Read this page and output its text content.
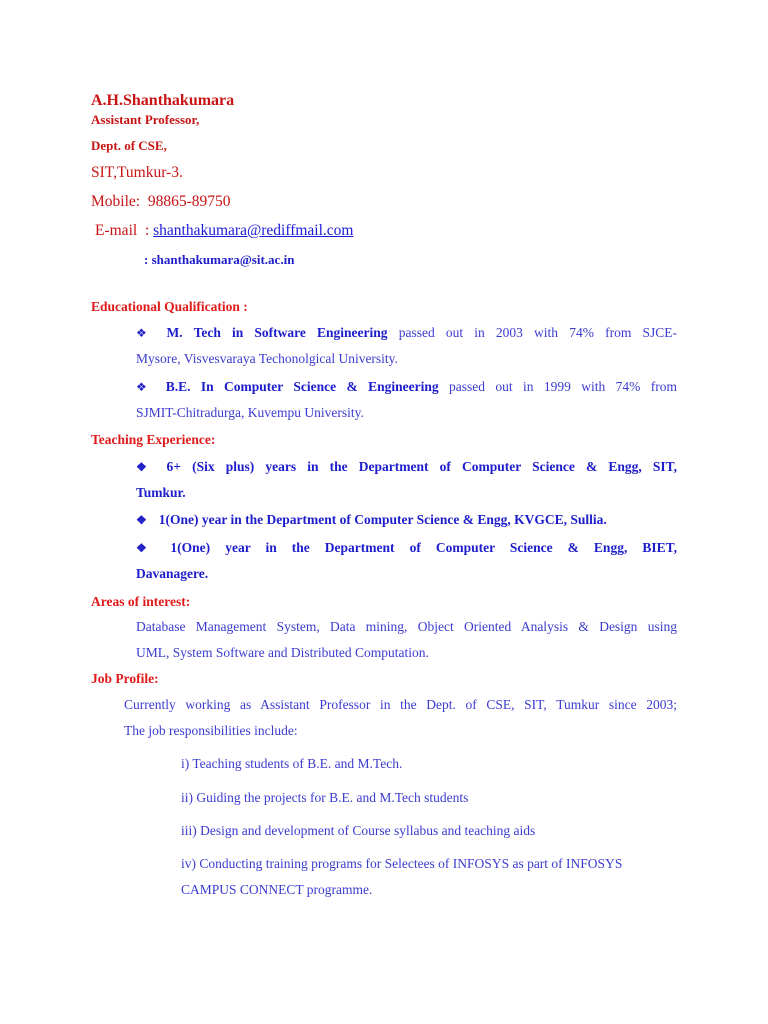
A.H.Shanthakumara
Assistant Professor,
Dept. of CSE,
SIT,Tumkur-3.
Mobile: 98865-89750
E-mail : shanthakumara@rediffmail.com
: shanthakumara@sit.ac.in
Educational Qualification :
❖ M. Tech in Software Engineering passed out in 2003 with 74% from SJCE-
Mysore, Visvesvaraya Techonolgical University.
❖ B.E. In Computer Science & Engineering passed out in 1999 with 74% from
SJMIT-Chitradurga, Kuvempu University.
Teaching Experience:
❖ 6+ (Six plus) years in the Department of Computer Science & Engg, SIT,
Tumkur.
❖ 1(One) year in the Department of Computer Science & Engg, KVGCE, Sullia.
❖ 1(One) year in the Department of Computer Science & Engg, BIET,
Davanagere.
Areas of interest:
Database Management System, Data mining, Object Oriented Analysis & Design using
UML, System Software and Distributed Computation.
Job Profile:
Currently working as Assistant Professor in the Dept. of CSE, SIT, Tumkur since 2003;
The job responsibilities include:
i) Teaching students of B.E. and M.Tech.
ii) Guiding the projects for B.E. and M.Tech students
iii) Design and development of Course syllabus and teaching aids
iv) Conducting training programs for Selectees of INFOSYS as part of INFOSYS
CAMPUS CONNECT programme.
